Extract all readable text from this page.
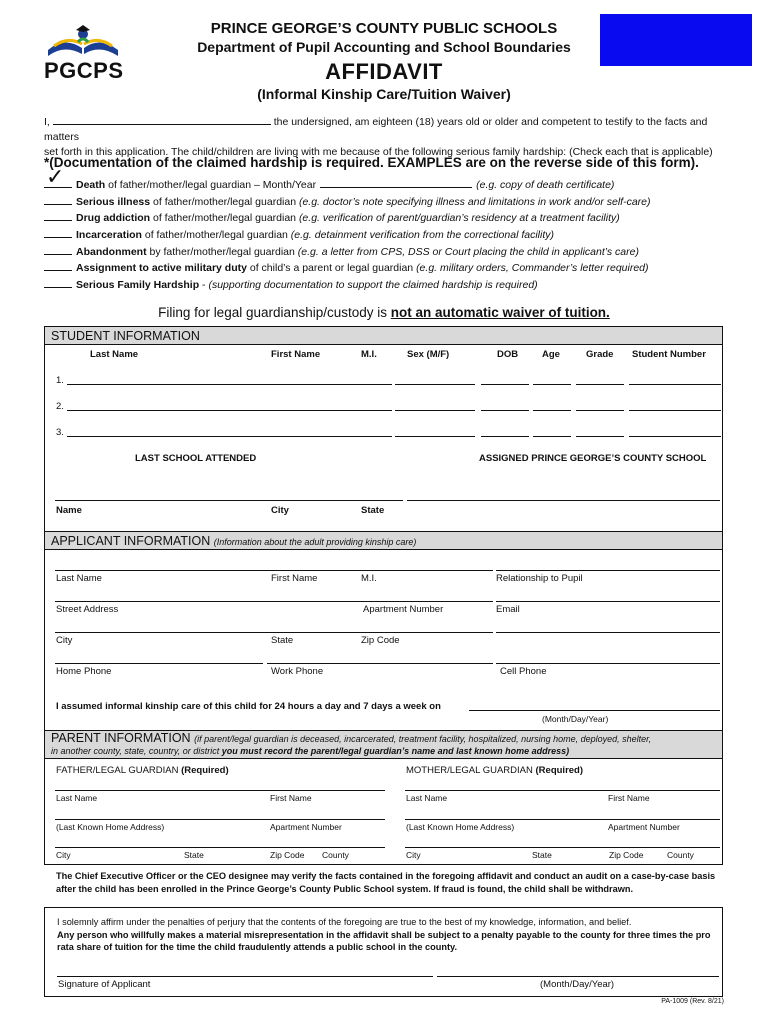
PGCPS
PRINCE GEORGE’S COUNTY PUBLIC SCHOOLS
Department of Pupil Accounting and School Boundaries
AFFIDAVIT
(Informal Kinship Care/Tuition Waiver)
I,	the undersigned, am eighteen (18) years old or older and competent to testify to the facts and matters
set forth in this application. The child/children are living with me because of the following serious family hardship: (Check each that is applicable)
*(Documentation of the claimed hardship is required. EXAMPLES are on the reverse side of this form).
✓ Death of father/mother/legal guardian – Month/Year	(e.g. copy of death certificate)
Serious illness of father/mother/legal guardian (e.g. doctor’s note specifying illness and limitations in work and/or self-care)
Drug addiction of father/mother/legal guardian (e.g. verification of parent/guardian’s residency at a treatment facility)
Incarceration of father/mother/legal guardian (e.g. detainment verification from the correctional facility)
Abandonment by father/mother/legal guardian (e.g. a letter from CPS, DSS or Court placing the child in applicant’s care)
Assignment to active military duty of child’s a parent or legal guardian (e.g. military orders, Commander’s letter required)
Serious Family Hardship - (supporting documentation to support the claimed hardship is required)
Filing for legal guardianship/custody is not an automatic waiver of tuition.
STUDENT INFORMATION
Last Name	First Name	M.I.	Sex (M/F)	DOB	Age	Grade Student Number
1.
2.
3.
LAST SCHOOL ATTENDED	ASSIGNED PRINCE GEORGE’S COUNTY SCHOOL
Name	City	State
APPLICANT INFORMATION (Information about the adult providing kinship care)
Last Name	First Name	M.I.	Relationship to Pupil
Street Address	Apartment Number	Email
City	State	Zip Code
Home Phone	Work Phone	Cell Phone
I assumed informal kinship care of this child for 24 hours a day and 7 days a week on
(Month/Day/Year)
PARENT INFORMATION (if parent/legal guardian is deceased, incarcerated, treatment facility, hospitalized, nursing home, deployed, shelter,
in another county, state, country, or district you must record the parent/legal guardian’s name and last known home address)
FATHER/LEGAL GUARDIAN (Required)	MOTHER/LEGAL GUARDIAN (Required)
Last Name	First Name	Last Name	First Name
(Last Known Home Address)	Apartment Number	(Last Known Home Address)	Apartment Number
City	State	Zip Code County	City	State	Zip Code	County
The Chief Executive Officer or the CEO designee may verify the facts contained in the foregoing affidavit and conduct an audit on a case-by-case basis after the child has been enrolled in the Prince George’s County Public School system. If fraud is found, the child shall be withdrawn.
I solemnly affirm under the penalties of perjury that the contents of the foregoing are true to the best of my knowledge, information, and belief.
Any person who willfully makes a material misrepresentation in the affidavit shall be subject to a penalty payable to the county for three times the pro rata share of tuition for the time the child fraudulently attends a public school in the county.
Signature of Applicant	(Month/Day/Year)
PA-1009 (Rev. 8/21)
